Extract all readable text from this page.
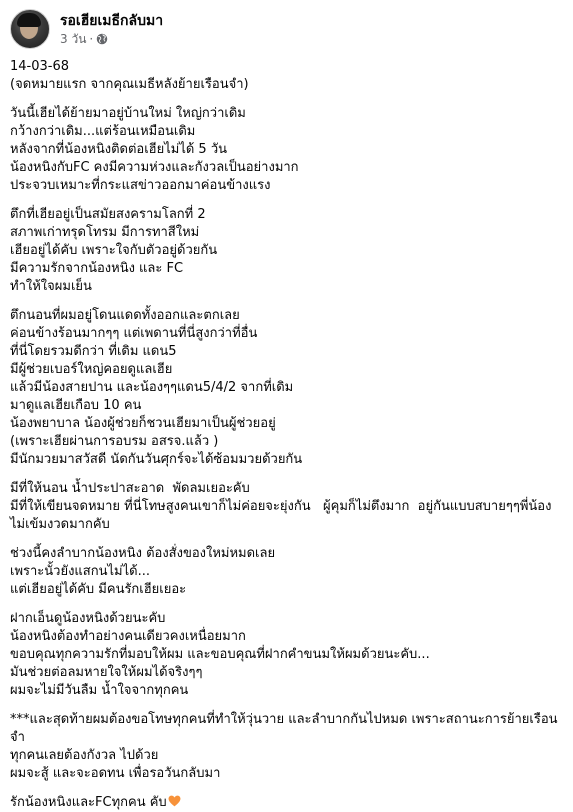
รอเฮียเมธีกลับมา
3 วัน ·
14-03-68
(จดหมายแรก จากคุณเมธีหลังย้ายเรือนจำ)
วันนี้เฮียได้ย้ายมาอยู่บ้านใหม่ ใหญ่กว่าเดิม
กว้างกว่าเดิม...แต่ร้อนเหมือนเดิม
หลังจากที่น้องหนิงติดต่อเฮียไม่ได้ 5 วัน
น้องหนิงกับFC คงมีความห่วงและกังวลเป็นอย่างมาก
ประจวบเหมาะที่กระแสข่าวออกมาค่อนข้างแรง
ตึกที่เฮียอยู่เป็นสมัยสงครามโลกที่ 2
สภาพเก่าทรุดโทรม มีการทาสีใหม่
เฮียอยู่ได้คับ เพราะใจกับตัวอยู่ด้วยกัน
มีความรักจากน้องหนิง และ FC
ทำให้ใจผมเย็น
ตึกนอนที่ผมอยู่โดนแดดทั้งออกและตกเลย
ค่อนข้างร้อนมากๆๆ แต่เพดานที่นี่สูงกว่าที่อื่น
ที่นี่โดยรวมดีกว่า ที่เดิม แดน5
มีผู้ช่วยเบอร์ใหญ่คอยดูแลเฮีย
แล้วมีน้องสายปาน และน้องๆๆแดน5/4/2 จากที่เดิม
มาดูแลเฮียเกือบ 10 คน
น้องพยาบาล น้องผู้ช่วยก็ชวนเฮียมาเป็นผู้ช่วยอยู่
(เพราะเฮียผ่านการอบรม อสรจ.แล้ว )
มีนักมวยมาสวัสดี นัดกันวันศุกร์จะได้ซ้อมมวยด้วยกัน
มีที่ให้นอน น้ำประปาสะอาด  พัดลมเยอะคับ
มีที่ให้เขียนจดหมาย ที่นี่โทษสูงคนเขาก็ไม่ค่อยจะยุ่งกัน   ผู้คุมก็ไม่ตึงมาก  อยู่กันแบบสบายๆๆพี่น้อง
ไม่เข้มงวดมากคับ
ช่วงนี้คงลำบากน้องหนิง ต้องสั่งของใหม่หมดเลย
เพราะนั้วยังแสกนไม่ได้...
แต่เฮียอยู่ได้คับ มีคนรักเฮียเยอะ
ฝากเอ็นดูน้องหนิงด้วยนะคับ
น้องหนิงต้องทำอย่างคนเดียวคงเหนื่อยมาก
ขอบคุณทุกความรักที่มอบให้ผม และขอบคุณที่ฝากคำขนมให้ผมด้วยนะคับ...
มันช่วยต่อลมหายใจให้ผมได้จริงๆๆ
ผมจะไม่มีวันลืม น้ำใจจากทุกคน
***และสุดท้ายผมต้องขอโทษทุกคนที่ทำให้วุ่นวาย และลำบากกันไปหมด เพราะสถานะการย้ายเรือนจำ
ทุกคนเลยต้องกังวล ไปด้วย
ผมจะสู้ และจะอดทน เพื่อรอวันกลับมา
รักน้องหนิงและFCทุกคน คับ
